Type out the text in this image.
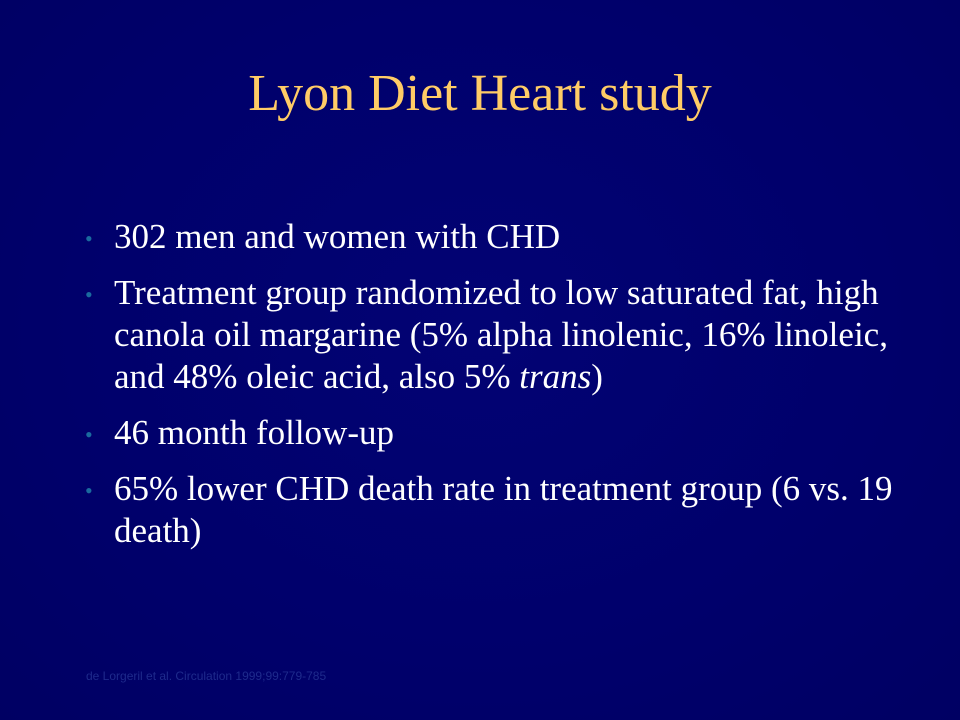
Lyon Diet Heart study
• 302 men and women with CHD
• Treatment group randomized to low saturated fat, high canola oil margarine (5% alpha linolenic, 16% linoleic, and 48% oleic acid, also 5% trans)
• 46 month follow-up
• 65% lower CHD death rate in treatment group (6 vs. 19 death)
de Lorgeril et al. Circulation 1999;99:779-785
